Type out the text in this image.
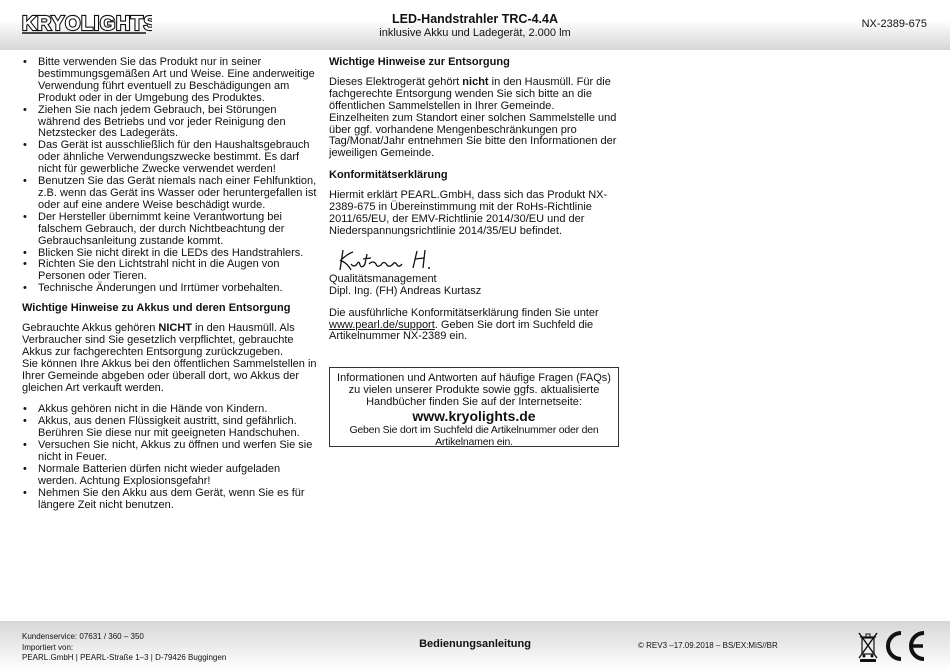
KRYOLIGHTS	LED-Handstrahler TRC-4.4A
inklusive Akku und Ladegerät, 2.000 lm
NX-2389-675
• Bitte verwenden Sie das Produkt nur in seiner bestimmungsgemäßen Art und Weise. Eine anderweitige Verwendung führt eventuell zu Beschädigungen am Produkt oder in der Umgebung des Produktes.
• Ziehen Sie nach jedem Gebrauch, bei Störungen während des Betriebs und vor jeder Reinigung den Netzstecker des Ladegeräts.
• Das Gerät ist ausschließlich für den Haushaltsgebrauch oder ähnliche Verwendungszwecke bestimmt. Es darf nicht für gewerbliche Zwecke verwendet werden!
• Benutzen Sie das Gerät niemals nach einer Fehlfunktion, z.B. wenn das Gerät ins Wasser oder heruntergefallen ist oder auf eine andere Weise beschädigt wurde.
• Der Hersteller übernimmt keine Verantwortung bei falschem Gebrauch, der durch Nichtbeachtung der Gebrauchsanleitung zustande kommt.
• Blicken Sie nicht direkt in die LEDs des Handstrahlers.
• Richten Sie den Lichtstrahl nicht in die Augen von Personen oder Tieren.
• Technische Änderungen und Irrtümer vorbehalten.

Wichtige Hinweise zu Akkus und deren Entsorgung

Gebrauchte Akkus gehören NICHT in den Hausmüll. Als Verbraucher sind Sie gesetzlich verpflichtet, gebrauchte Akkus zur fachgerechten Entsorgung zurückzugeben.

Sie können Ihre Akkus bei den öffentlichen Sammelstellen in Ihrer Gemeinde abgeben oder überall dort, wo Akkus der gleichen Art verkauft werden.

• Akkus gehören nicht in die Hände von Kindern.
• Akkus, aus denen Flüssigkeit austritt, sind gefährlich. Berühren Sie diese nur mit geeigneten Handschuhen.
• Versuchen Sie nicht, Akkus zu öffnen und werfen Sie sie nicht in Feuer.
• Normale Batterien dürfen nicht wieder aufgeladen werden. Achtung Explosionsgefahr!
• Nehmen Sie den Akku aus dem Gerät, wenn Sie es für längere Zeit nicht benutzen.

Wichtige Hinweise zur Entsorgung

Dieses Elektrogerät gehört nicht in den Hausmüll. Für die fachgerechte Entsorgung wenden Sie sich bitte an die öffentlichen Sammelstellen in Ihrer Gemeinde.

Einzelheiten zum Standort einer solchen Sammelstelle und über ggf. vorhandene Mengenbeschränkungen pro Tag/Monat/Jahr entnehmen Sie bitte den Informationen der jeweiligen Gemeinde.

Konformitätserklärung

Hiermit erklärt PEARL.GmbH, dass sich das Produkt NX-2389-675 in Übereinstimmung mit der RoHs-Richtlinie 2011/65/EU, der EMV-Richtlinie 2014/30/EU und der Niederspannungsrichtlinie 2014/35/EU befindet.

Qualitätsmanagement

Dipl. Ing. (FH) Andreas Kurtasz

Die ausführliche Konformitätserklärung finden Sie unter www.pearl.de/support. Geben Sie dort im Suchfeld die Artikelnummer NX-2389 ein.

Informationen und Antworten auf häufige Fragen (FAQs) zu vielen unserer Produkte sowie ggfs. aktualisierte Handbücher finden Sie auf der Internetseite:
www.kryolights.de
Geben Sie dort im Suchfeld die Artikelnummer oder den Artikelnamen ein.
Kundenservice: 07631 / 360 – 350
Importiert von:
PEARL.GmbH | PEARL-Straße 1–3 | D-79426 Buggingen
Bedienungsanleitung	© REV3 –17.09.2018 – BS/EX:MiS//BR
